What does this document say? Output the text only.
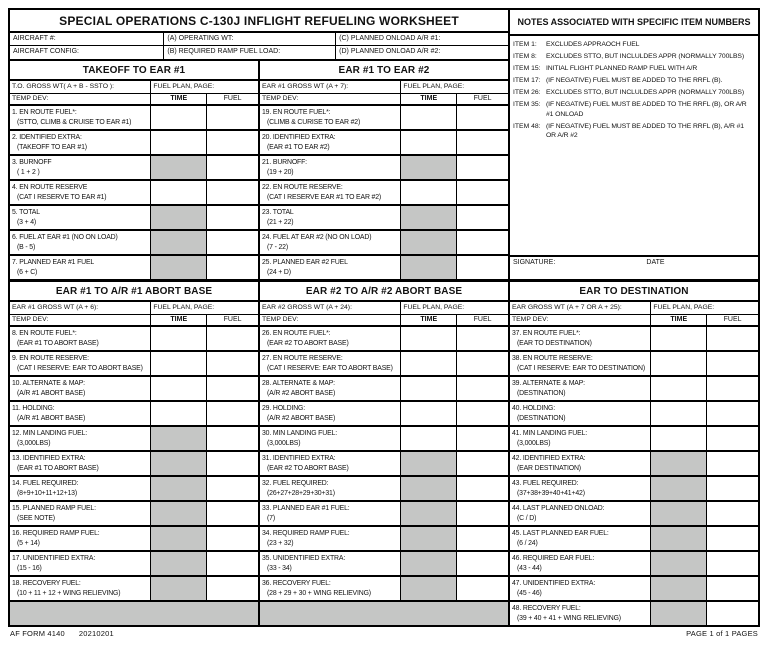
SPECIAL OPERATIONS C-130J INFLIGHT REFUELING WORKSHEET
AIRCRAFT #:	(A) OPERATING WT:	(C) PLANNED ONLOAD A/R #1:
AIRCRAFT CONFIG:	(B) REQUIRED RAMP FUEL LOAD:	(D) PLANNED ONLOAD A/R #2:
TAKEOFF TO EAR #1
T.O. GROSS WT( A + B - SSTO ):	FUEL PLAN, PAGE:
TEMP DEV:	TIME	FUEL
1. EN ROUTE FUEL*:
(STTO, CLIMB & CRUISE TO EAR #1)
2. IDENTIFIED EXTRA:
(TAKEOFF TO EAR #1)
3. BURNOFF
( 1 + 2 )
4. EN ROUTE RESERVE
(CAT I RESERVE TO EAR #1)
5. TOTAL
(3 + 4)
6. FUEL AT EAR #1 (NO ON LOAD)
(B - 5)
7. PLANNED EAR #1 FUEL
(6 + C)
EAR #1 TO EAR #2
EAR #1 GROSS WT (A + 7):	FUEL PLAN, PAGE:
TEMP DEV:	TIME	FUEL
19. EN ROUTE FUEL*:
(CLIMB & CURISE TO EAR #2)
20. IDENTIFIED EXTRA:
(EAR #1 TO EAR #2)
21. BURNOFF:
(19 + 20)
22. EN ROUTE RESERVE:
(CAT I RESERVE EAR #1 TO EAR #2)
23. TOTAL
(21 + 22)
24. FUEL AT EAR #2 (NO ON LOAD)
(7 - 22)
25. PLANNED EAR #2 FUEL
(24 + D)
NOTES ASSOCIATED WITH SPECIFIC ITEM NUMBERS
ITEM 1:	EXCLUDES APPRAOCH FUEL
ITEM 8:	EXCLUDES STTO, BUT INCLULDES APPR (NORMALLY 700LBS)
ITEM 15: INITIAL FLIGHT PLANNED RAMP FUEL WITH A/R
ITEM 17: (IF NEGATIVE) FUEL MUST BE ADDED TO THE RRFL (B).
ITEM 26: EXCLUDES STTO, BUT INCLULDES APPR (NORMALLY 700LBS)
ITEM 35: (IF NEGATIVE) FUEL MUST BE ADDED TO THE RRFL (B), OR A/R #1 ONLOAD
ITEM 48: (IF NEGATIVE) FUEL MUST BE ADDED TO THE RRFL (B), A/R #1 OR A/R #2
SIGNATURE:	DATE
EAR #1 TO A/R #1 ABORT BASE
EAR #1 GROSS WT (A + 6):	FUEL PLAN, PAGE:
TEMP DEV:	TIME	FUEL
8. EN ROUTE FUEL*:
(EAR #1 TO ABORT BASE)
9. EN ROUTE RESERVE:
(CAT I RESERVE: EAR TO ABORT BASE)
10. ALTERNATE & MAP:
(A/R #1 ABORT BASE)
11. HOLDING:
(A/R #1 ABORT BASE)
12. MIN LANDING FUEL:
(3,000LBS)
13. IDENTIFIED EXTRA:
(EAR #1 TO ABORT BASE)
14. FUEL REQUIRED:
(8+9+10+11+12+13)
15. PLANNED RAMP FUEL:
(SEE NOTE)
16. REQUIRED RAMP FUEL:
(5 + 14)
17. UNIDENTIFIED EXTRA:
(15 - 16)
18. RECOVERY FUEL:
(10 + 11 + 12 + WING RELIEVING)
EAR #2 TO A/R #2 ABORT BASE
EAR #2 GROSS WT (A + 24):	FUEL PLAN, PAGE:
TEMP DEV:	TIME	FUEL
26. EN ROUTE FUEL*:
(EAR #2 TO ABORT BASE)
27. EN ROUTE RESERVE:
(CAT I RESERVE: EAR TO ABORT BASE)
28. ALTERNATE & MAP:
(A/R #2 ABORT BASE)
29. HOLDING:
(A/R #2 ABORT BASE)
30. MIN LANDING FUEL:
(3,000LBS)
31. IDENTIFIED EXTRA:
(EAR #2 TO ABORT BASE)
32. FUEL REQUIRED:
(26+27+28+29+30+31)
33. PLANNED EAR #1 FUEL:
(7)
34. REQUIRED RAMP FUEL:
(23 + 32)
35. UNIDENTIFIED EXTRA:
(33 - 34)
36. RECOVERY FUEL:
(28 + 29 + 30 + WING RELIEVING)
EAR TO DESTINATION
EAR GROSS WT (A + 7 OR A + 25):	FUEL PLAN, PAGE:
TEMP DEV:	TIME	FUEL
37. EN ROUTE FUEL*:
(EAR TO DESTINATION)
38. EN ROUTE RESERVE:
(CAT I RESERVE: EAR TO DESTINATION)
39. ALTERNATE & MAP:
(DESTINATION)
40. HOLDING:
(DESTINATION)
41. MIN LANDING FUEL:
(3,000LBS)
42. IDENTIFIED EXTRA:
(EAR DESTINATION)
43. FUEL REQUIRED:
(37+38+39+40+41+42)
44. LAST PLANNED ONLOAD:
(C / D)
45. LAST PLANNED EAR FUEL:
(6 / 24)
46. REQUIRED EAR FUEL:
(43 - 44)
47. UNIDENTIFIED EXTRA:
(45 - 46)
48. RECOVERY FUEL:
(39 + 40 + 41 + WING RELIEVING)
AF FORM 4140 20210201	PAGE 1 of 1 PAGES
